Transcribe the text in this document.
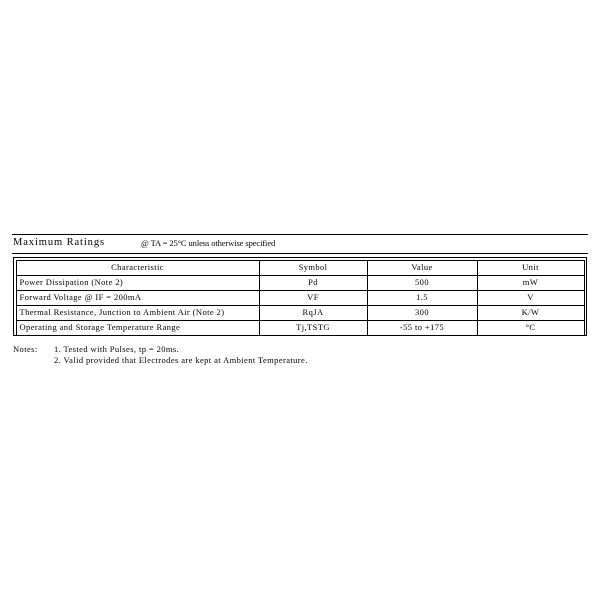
Maximum Ratings	@ TA = 25°C unless otherwise specified
Characteristic	Symbol	Value	Unit
Power Dissipation (Note 2)	Pd	500	mW
Forward Voltage @ IF = 200mA	VF	1.5	V
Thermal Resistance, Junction to Ambient Air (Note 2)	RqJA	300	K/W
Operating and Storage Temperature Range	Tj,TSTG	-55 to +175	°C
Notes: 1. Tested with Pulses, tp = 20ms.
2. Valid provided that Electrodes are kept at Ambient Temperature.
